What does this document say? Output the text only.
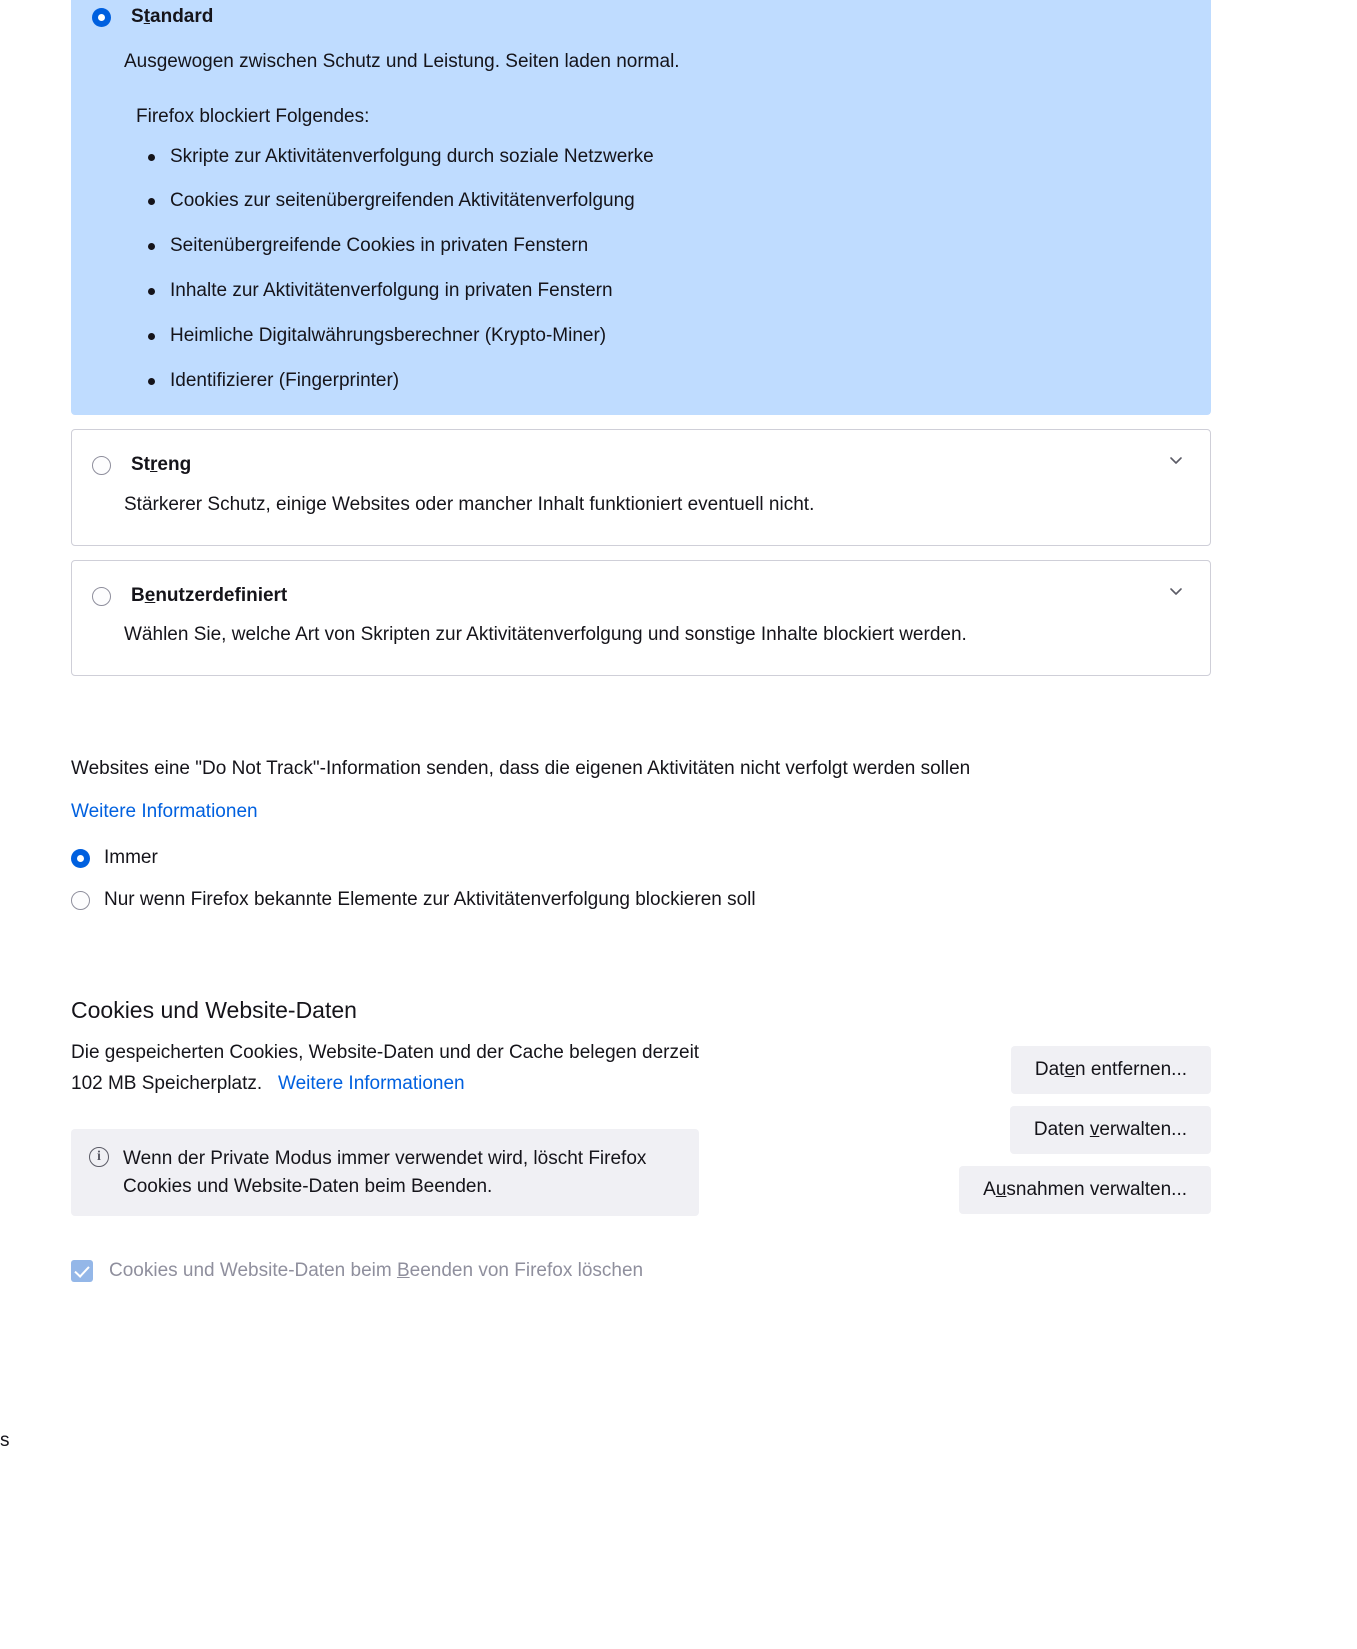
Standard

Ausgewogen zwischen Schutz und Leistung. Seiten laden normal.

Firefox blockiert Folgendes:
Skripte zur Aktivitätenverfolgung durch soziale Netzwerke
Cookies zur seitenübergreifenden Aktivitätenverfolgung
Seitenübergreifende Cookies in privaten Fenstern
Inhalte zur Aktivitätenverfolgung in privaten Fenstern
Heimliche Digitalwährungsberechner (Krypto-Miner)
Identifizierer (Fingerprinter)
Streng

Stärkerer Schutz, einige Websites oder mancher Inhalt funktioniert eventuell nicht.

Benutzerdefiniert

Wählen Sie, welche Art von Skripten zur Aktivitätenverfolgung und sonstige Inhalte blockiert werden.

Websites eine "Do Not Track"-Information senden, dass die eigenen Aktivitäten nicht verfolgt werden sollen
Weitere Informationen
Immer
Nur wenn Firefox bekannte Elemente zur Aktivitätenverfolgung blockieren soll
Cookies und Website-Daten

Die gespeicherten Cookies, Website-Daten und der Cache belegen derzeit
102 MB Speicherplatz. Weitere Informationen

i	Wenn der Private Modus immer verwendet wird, löscht Firefox
Cookies und Website-Daten beim Beenden.
Daten entfernen...
Daten verwalten...
Ausnahmen verwalten...
Cookies und Website-Daten beim Beenden von Firefox löschen
s
